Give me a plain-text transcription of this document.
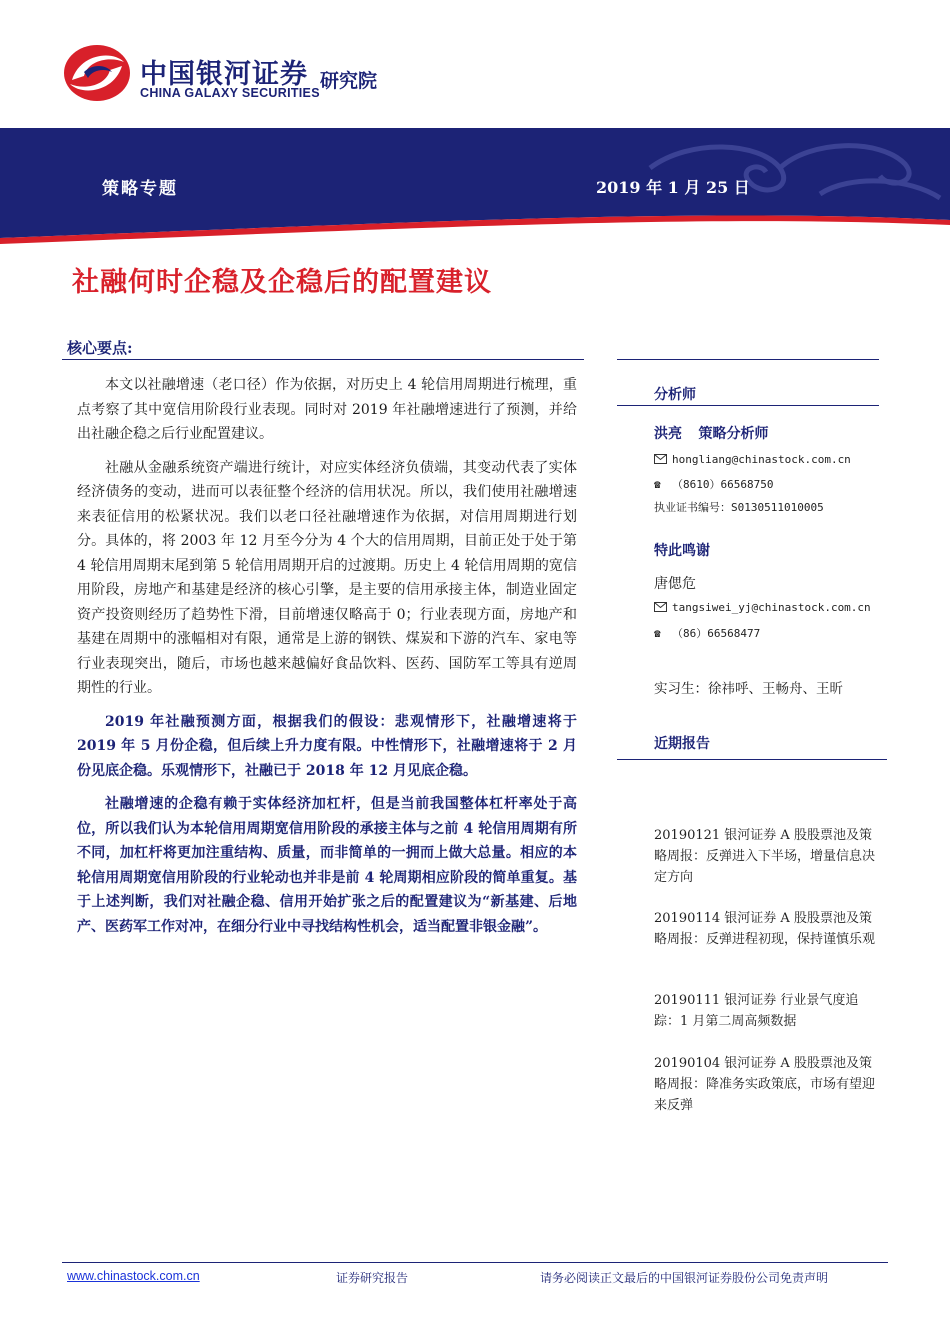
中国银河证券
CHINA GALAXY SECURITIES
研究院
策略专题	2019 年 1 月 25 日
社融何时企稳及企稳后的配置建议
核心要点:

本文以社融增速（老口径）作为依据，对历史上 4 轮信用周期进行梳理，重点考察了其中宽信用阶段行业表现。同时对 2019 年社融增速进行了预测，并给出社融企稳之后行业配置建议。

社融从金融系统资产端进行统计，对应实体经济负债端，其变动代表了实体经济债务的变动，进而可以表征整个经济的信用状况。所以，我们使用社融增速来表征信用的松紧状况。我们以老口径社融增速作为依据，对信用周期进行划分。具体的，将 2003 年 12 月至今分为 4 个大的信用周期，目前正处于处于第 4 轮信用周期末尾到第 5 轮信用周期开启的过渡期。历史上 4 轮信用周期的宽信用阶段，房地产和基建是经济的核心引擎，是主要的信用承接主体，制造业固定资产投资则经历了趋势性下滑，目前增速仅略高于 0；行业表现方面，房地产和基建在周期中的涨幅相对有限，通常是上游的钢铁、煤炭和下游的汽车、家电等行业表现突出，随后，市场也越来越偏好食品饮料、医药、国防军工等具有逆周期性的行业。

2019 年社融预测方面，根据我们的假设：悲观情形下，社融增速将于 2019 年 5 月份企稳，但后续上升力度有限。中性情形下，社融增速将于 2 月份见底企稳。乐观情形下，社融已于 2018 年 12 月见底企稳。

社融增速的企稳有赖于实体经济加杠杆，但是当前我国整体杠杆率处于高位，所以我们认为本轮信用周期宽信用阶段的承接主体与之前 4 轮信用周期有所不同，加杠杆将更加注重结构、质量，而非简单的一拥而上做大总量。相应的本轮信用周期宽信用阶段的行业轮动也并非是前 4 轮周期相应阶段的简单重复。基于上述判断，我们对社融企稳、信用开始扩张之后的配置建议为“新基建、后地产、医药军工作对冲，在细分行业中寻找结构性机会，适当配置非银金融”。

分析师
洪亮 策略分析师
hongliang@chinastock.com.cn
☎ （8610）66568750
执业证书编号：S0130511010005
特此鸣谢
唐偲危
tangsiwei_yj@chinastock.com.cn
☎ （86）66568477
实习生：徐祎呼、王畅舟、王昕
近期报告
20190121 银河证券 A 股股票池及策略周报：反弹进入下半场，增量信息决定方向
20190114 银河证券 A 股股票池及策略周报：反弹进程初现，保持谨慎乐观
20190111 银河证券 行业景气度追踪：1 月第二周高频数据
20190104 银河证券 A 股股票池及策略周报：降准务实政策底，市场有望迎来反弹
www.chinastock.com.cn	证券研究报告	请务必阅读正文最后的中国银河证券股份公司免责声明
